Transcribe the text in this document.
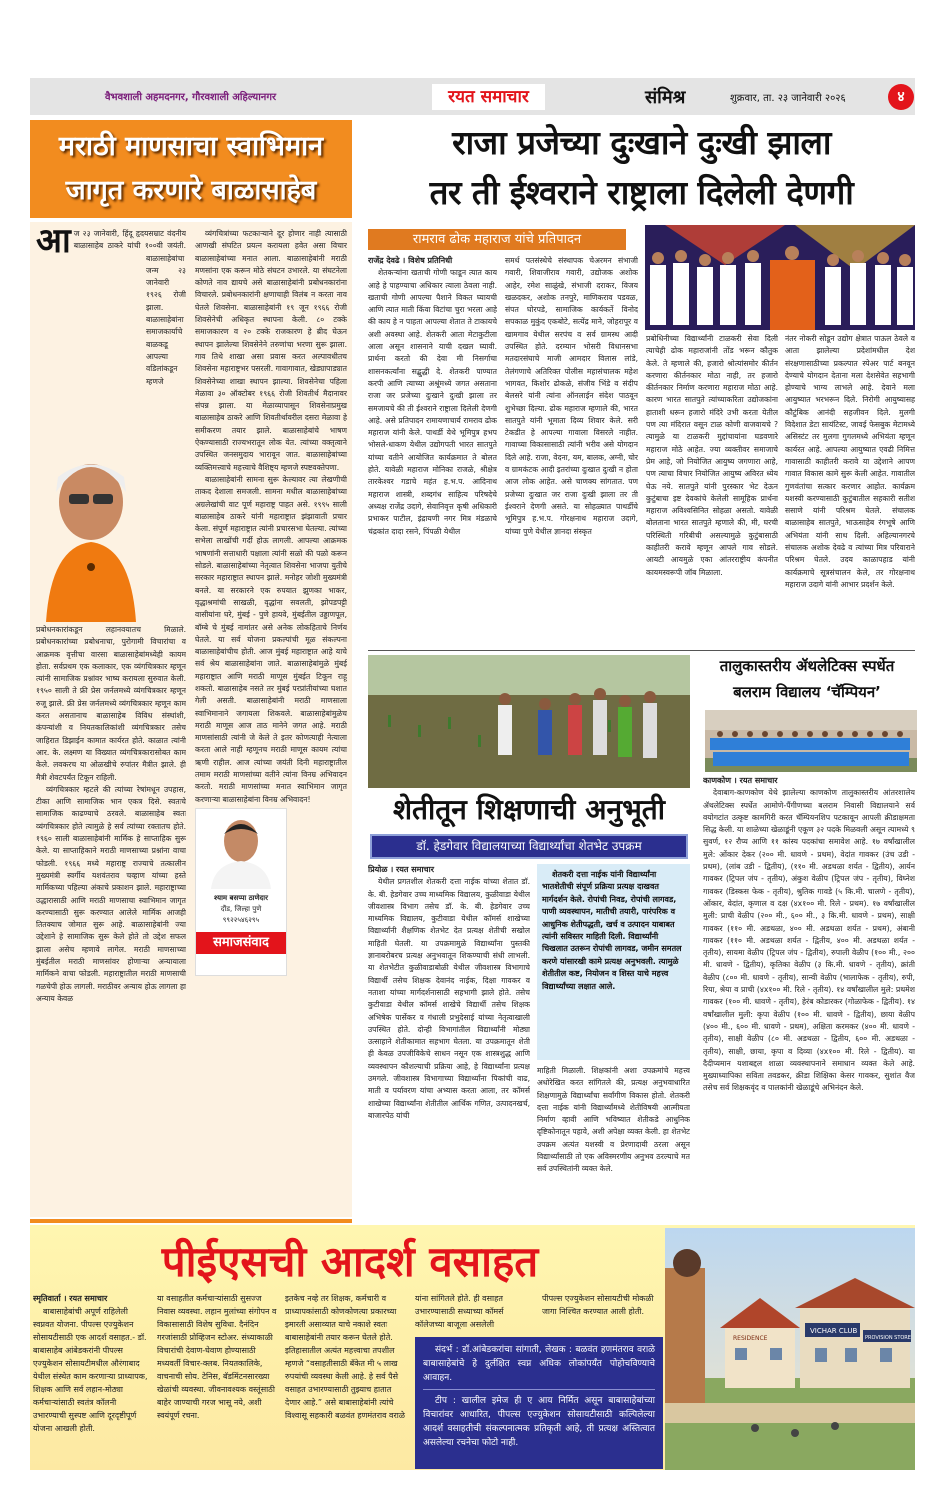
वैभवशाली अहमदनगर, गौरवशाली अहिल्यानगर	रयत समाचार	संमिश्र	शुक्रवार, ता. २३ जानेवारी २०२६	४
मराठी माणसाचा स्वाभिमान
जागृत करणारे बाळासाहेब
आ ज २३ जानेवारी, हिंदू हृदयसम्राट वंदनीय बाळासाहेब ठाकरे यांची १००वी जयंती. बाळासाहेबांचा जन्म २३ जानेवारी १९२६ रोजी झाला. बाळासाहेबांना समाजकार्याचे बाळकडू आपल्या वडिलांकडून म्हणजे प्रबोधनकारांकडून लहानवयातच मिळाले. प्रबोधनकारांच्या प्रबोधनाचा, पुरोगामी विचारांचा व आक्रमक वृत्तीचा वारसा बाळासाहेबांमध्येही कायम होता. सर्वप्रथम एक कलाकार, एक व्यंगचित्रकार म्हणून त्यांनी सामाजिक प्रश्नांवर भाष्य करायला सुरुवात केली. १९५० साली ते फ्री प्रेस जर्नलमध्ये व्यंगचित्रकार म्हणून रुजू झाले. फ्री प्रेस जर्नलमध्ये व्यंगचित्रकार म्हणून काम करत असतानाच बाळासाहेब विविध संस्थांशी, कंपन्यांशी व नियतकालिकांशी व्यंगचित्रकार तसेच जाहिरात डिझाईन कामात कार्यरत होते. काळात त्यांनी आर. के. लक्ष्मण या विख्यात व्यंगचित्रकारासोबत काम केले. लवकरच या ओळखीचे रुपांतर मैत्रीत झाले. ही मैत्री शेवटपर्यंत टिकून राहिली.

व्यंगचित्रकार म्हटले की त्यांच्या रेषांमधून उपहास, टीका आणि सामाजिक भान एकत्र दिसे. स्वतःचे सामाजिक काढण्याचे ठरवले. बाळासाहेब स्वतः व्यंगचित्रकार होते त्यामुळे हे सर्व त्यांच्या रक्तातच होते. १९६० साली बाळासाहेबांनी मार्मिक हे साप्ताहिक सुरू केले. या साप्ताहिकाने मराठी माणसाच्या प्रश्नांना वाचा फोडली. १९६६ मध्ये महाराष्ट्र राज्याचे तत्कालीन मुख्यमंत्री स्वर्गीय यशवंतराव चव्हाण यांच्या हस्ते मार्मिकच्या पहिल्या अंकाचे प्रकाशन झाले. महाराष्ट्राच्या उद्धारासाठी आणि मराठी माणसाचा स्वाभिमान जागृत करण्यासाठी सुरू करण्यात आलेले मार्मिक आजही तितक्याच जोमात सुरू आहे. बाळासाहेबांनी ज्या उद्देशाने हे सामाजिक सुरू केले होते तो उद्देश सफल झाला असेच म्हणावे लागेल. मराठी माणसाच्या मुंबईतील मराठी माणसांवर होणाऱ्या अन्यायाला मार्मिकने वाचा फोडली. महाराष्ट्रातील मराठी माणसाची गळचेपी होऊ लागली. मराठीवर अन्याय होऊ लागला हा अन्याय केवळ

श्याम बसप्पा ठाणेदार
दौंड, जिल्हा पुणे
९९२२५४६२९५
समाजसंवाद

व्यंगचित्रांच्या फटकाऱ्याने दूर होणार नाही त्यासाठी आणखी संघटित प्रयत्न करायला हवेत असा विचार बाळासाहेबांच्या मनात आला. बाळासाहेबांनी मराठी मणसांना एक करून मोठे संघटन उभारले. या संघटनेला कोणते नाव द्यायचे असे बाळासाहेबांनी प्रबोधनकारांना विचारले. प्रबोधनकारांनी क्षणाचाही विलंब न करता नाव घेतले शिवसेना. बाळासाहेबांनी १९ जून १९६६ रोजी शिवसेनेची अधिकृत स्थापना केली. ८० टक्के समाजकारण व २० टक्के राजकारण हे ब्रीद घेऊन स्थापन झालेल्या शिवसेनेने तरुणांचा भरणा सुरू झाला. गाव तिथे शाखा असा प्रवास करत अल्पावधीतच शिवसेना महाराष्ट्रभर पसरली. गावागावात, खेड्यापाड्यात शिवसेनेच्या शाखा स्थापन झाल्या. शिवसेनेचा पहिला मेळावा ३० ऑक्टोबर १९६६ रोजी शिवतीर्थ मैदानावर संपन्न झाला. या मेळाव्यापासून शिवसेनाप्रमुख बाळासाहेब ठाकरे आणि शिवतीर्थावरील दसरा मेळावा हे समीकरण तयार झाले. बाळासाहेबांचे भाषण ऐकण्यासाठी राज्यभरातून लोक येत. त्यांच्या वक्तृत्वाने उपस्थित जनसमुदाय भारावून जात. बाळासाहेबांच्या व्यक्तिमत्त्वाचे महत्त्वाचे वैशिष्ट्य म्हणजे स्पष्टवक्तेपणा.

बाळासाहेबांनी सामना सुरू केल्यावर त्या लेखणीची ताकद देशाला समजली. सामना मधील बाळासाहेबांच्या अग्रलेखांची वाट पूर्ण महाराष्ट्र पाहत असे. १९९५ साली बाळासाहेब ठाकरे यांनी महाराष्ट्रात झंझावाती प्रचार केला. संपूर्ण महाराष्ट्रात त्यांनी प्रचारसभा घेतल्या. त्यांच्या सभेला लाखोंची गर्दी होऊ लागली. आपल्या आक्रमक भाषणांनी सत्ताधारी पक्षाला त्यांनी सळो की पळो करून सोडले. बाळासाहेबांच्या नेतृत्वात शिवसेना भाजपा युतीचे सरकार महाराष्ट्रात स्थापन झाले. मनोहर जोशी मुख्यमंत्री बनले. या सरकारने एक रुपयात झुणका भाकर, वृद्धाश्रमांची साखळी, वृद्धांना सवलती, झोपडपट्टी वासीयांना घरे, मुंबई - पुणे हायवे, मुंबईतील उड्डाणपूल, बॉम्बे चे मुंबई नामांतर असे अनेक लोकहिताचे निर्णय घेतले. या सर्व योजना प्रकल्पांची मूळ संकल्पना बाळासाहेबांचीच होती. आज मुंबई महाराष्ट्रात आहे याचे सर्व श्रेय बाळासाहेबांना जाते. बाळासाहेबांमुळे मुंबई महाराष्ट्रात आणि मराठी माणूस मुंबईत टिकून राहू शकतो. बाळासाहेब नसते तर मुंबई परप्रांतीयांच्या घशात गेली असती. बाळासाहेबांनी मराठी माणसाला स्वाभिमानाने जगायला शिकवले. बाळासाहेबांमुळेच मराठी माणूस आज ताठ मानेने जगत आहे. मराठी माणसांसाठी त्यांनी जे केले ते इतर कोणत्याही नेत्याला करता आले नाही म्हणूनच मराठी माणूस कायम त्यांचा ऋणी राहील. आज त्यांच्या जयंती दिनी महाराष्ट्रातील तमाम मराठी माणसांच्या वतीने त्यांना विनम्र अभिवादन करतो. मराठी माणसांच्या मनात स्वाभिमान जागृत करणाऱ्या बाळासाहेबांना विनम्र अभिवादन!

राजा प्रजेच्या दुःखाने दुःखी झाला
तर ती ईश्वराने राष्ट्राला दिलेली देणगी
रामराव ढोक महाराज यांचे प्रतिपादन
राजेंद्र देवढे । विशेष प्रतिनिधी

शेतकऱ्यांना खताची गोणी फाडून त्यात काय आहे हे पाहण्याचा अधिकार त्याला ठेवला नाही. खताची गोणी आपल्या पैशाने विकत घ्यायची आणि त्यात माती किंवा विटांचा चुरा भरला आहे की काय हे न पाहता आपल्या शेतात ते टाकायचे अशी अवस्था आहे. शेतकरी आता मेटाकुटीला आला असून शासनाने याची दखल घ्यावी. प्रार्थना करतो की देवा मी निसर्गाचा शासनकर्त्यांना सद्बुद्धी दे. शेतकरी पाण्यात करपी आणि त्याच्या अश्रूंमध्ये जगत असताना राजा जर प्रजेच्या दुःखाने दुःखी झाला तर समजायचे की ती ईश्वराने राष्ट्राला दिलेली देणगी आहे. असे प्रतिपादन रामायणाचार्य रामराव ढोक महाराज यांनी केले. पाथर्डी येथे भूमिपुत्र हभप भोसले-धाकण येथील उद्योगपती भारत सातपुते यांच्या वतीने आयोजित कार्यक्रमात ते बोलत होते. यावेळी महाराज मोनिका राजळे, श्रीक्षेत्र तारकेश्वर गडाचे महंत ह.भ.प. आदिनाथ महाराज शास्त्री, शब्दगंध साहित्य परिषदेचे अध्यक्ष राजेंद्र उदागे, सेवानिवृत्त कृषी अधिकारी प्रभाकर पाटील, इंद्रायणी नगर मित्र मंडळाचे चंद्रकांत दादा रसने, पिंपळी येथील

समर्थ पतसंस्थेचे संस्थापक चेअरमन संभाजी गवारी, शिवाजीराव गवारी, उद्योजक अशोक आहेर, रमेश साळुंखे, संभाजी दराकर, विजय खळदकर, अशोक तनपुरे, माणिकराव पडवळ, संपत घोरपडे, सामाजिक कार्यकर्ते विनोद सपकाळ मुकुंद एकबोटे, सत्येंद्र माने, जोहरापूर व खामगाव येथील सरपंच व सर्व ग्रामस्थ आदी उपस्थित होते. दरम्यान भोसरी विधानसभा मतदारसंघाचे माजी आमदार विलास लांडे, तेलंगणाचे अतिरिक्त पोलीस महासंचालक महेश भागवत, किशोर ढोकळे, संजीव भिंडे व संदीप बेलसरे यांनी त्यांना ऑनलाईन संदेश पाठवून शुभेच्छा दिल्या. ढोक महाराज म्हणाले की, भारत सातपुते यांनी भूमाता दिव्य शिवार केले. सरी टेकडीत हे आपल्या गावाला विसरले नाहीत. गावाच्या विकासासाठी त्यांनी भरीव असे योगदान दिले आहे. राजा, वेदना, यम, बालक, अग्नी, चोर व ग्रामकंटक आदी इतरांच्या दुःखात दुःखी न होता आज लोक आहेत. असे चाणक्य सांगतात. पण प्रजेच्या दुःखात जर राजा दुःखी झाला तर ती ईश्वराने देणगी असते. या सोहळ्यात पाथर्डीचे भूमिपुत्र ह.भ.प. गोरक्षनाथ महाराज उदागे, यांच्या पुणे येथील ज्ञानदा संस्कृत

प्रबोधिनीच्या विद्यार्थ्यांनी टाळकरी सेवा दिली त्याचेही ढोक महाराजांनी तोंड भरून कौतुक केले. ते म्हणाले की, हजारो श्रोत्यांसमोर कीर्तन करणारा कीर्तनकार मोठा नाही, तर हजारो कीर्तनकार निर्माण करणारा महाराज मोठा आहे. कारण भारत सातपुते त्यांच्याकरिता उद्योजकांना हाताशी धरून हजारो मंदिरे उभी करता येतील पण त्या मंदिरात वसून टाळ कोणी वाजवायचे ? त्यामुळे या टाळकरी मुद्दांचायांना घडवणारे महाराज मोठे आहेत. ज्या व्यक्तीवर समाजाचे प्रेम आहे, जो नियोजित आयुष्य जगणारा आहे, पण त्याचा विचार नियोजित आयुष्य अविरत ध्येय घेऊ नये. सातपुते यांनी पुरस्कार भेट देऊन कुटुंबाचा इष्ट देवकांचे केलेली सामूहिक प्रार्थना महाराज अविश्वसिनित सोहळा असतो. यावेळी बोलताना भारत सातपुते म्हणाले की, मी, घरची परिस्थिती गरिबीची असल्यामुळे कुटुंबासाठी काहीतरी करावे म्हणून आपले गाव सोडले. आयटी आयमुळे एका आंतरराष्ट्रीय कंपनीत कायमस्वरूपी जॉब मिळाला.

नंतर नोकरी सोडून उद्योग क्षेत्रात पाऊल ठेवले व आता झालेल्या प्रदेशांमधील देश संरक्षणासाठीच्या प्रकल्पात स्पेअर पार्ट बनवून देण्याचे योगदान देताना मला देशसेवेत सहभागी होण्याचे भाग्य लाभले आहे. देवाने मला आयुष्यात भरभरून दिले. निरोगी आयुष्यासह कौटुंबिक आनंदी सहजीवन दिले. मुलगी विदेशात डेटा सायंटिस्ट, जावई फेसबुक मेटामध्ये असिस्टंट तर मुलगा गुगलमध्ये अभियंता म्हणून कार्यरत आहे. आपल्या आयुष्यात एवढी निमित्त गावासाठी काहीतरी करावे या उद्देशाने आपण गावात विकास कामे सुरू केली आहेत. गावातील गुणवंतांचा सत्कार करणार आहोत. कार्यक्रम यशस्वी करण्यासाठी कुटुंबातील सहकारी सतीश ससाणे यांनी परिश्रम घेतले. संचालक बाळासाहेब सातपुते, भाऊसाहेब रंगभूषे आणि अभियंता यांनी साथ दिली. अहिल्यानगरचे संचालक अशोक देवढे व त्यांच्या मित्र परिवाराने परिश्रम घेतले. उदय काळापहाड यांनी कार्यक्रमाचे सूत्रसंचालन केले, तर गोरक्षनाथ महाराज उदागे यांनी आभार प्रदर्शन केले.

शेतीतून शिक्षणाची अनुभूती
डॉ. हेडगेवार विद्यालयाच्या विद्यार्थ्यांचा शेतभेट उपक्रम
प्रियोळ । रयत समाचार

येथील प्रगतशील शेतकरी दत्ता नाईक यांच्या शेतात डॉ. के. बी. हेडगेवार उच्च माध्यमिक विद्यालय, कुळीवाडा येथील जीवशास्त्र विभाग तसेच डॉ. के. बी. हेडगेवार उच्च माध्यमिक विद्यालय, कुटीवाडा येथील कॉमर्स शाखेच्या विद्यार्थ्यांनी शैक्षणिक शेतभेट देत प्रत्यक्ष शेतीची सखोल माहिती घेतली. या उपक्रमामुळे विद्यार्थ्यांना पुस्तकी ज्ञानाबरोबरच प्रत्यक्ष अनुभवातून शिकण्याची संधी लाभली. या शेतभेटीत कुळीवाडाबोळी येथील जीवशास्त्र विभागाचे विद्यार्थी तसेच शिक्षक देवानंद नाईक, दिक्षा गावकर व नताशा यांच्या मार्गदर्शनासाठी सहभागी झाले होते. तसेच कुटीवाडा येथील कॉमर्स शाखेचे विद्यार्थी तसेच शिक्षक अभिषेक पार्सेकर व गंधाली प्रभुदेसाई यांच्या नेतृत्वाखाली उपस्थित होते. दोन्ही विभागांतील विद्यार्थ्यांनी मोठ्या उत्साहाने शेतीकामात सहभाग घेतला. या उपक्रमातून शेती ही केवळ उपजीविकेचे साधन नसून एक शास्त्रशुद्ध आणि व्यवस्थापन कौशल्याची प्रक्रिया आहे, हे विद्यार्थ्यांना प्रत्यक्ष उमगले. जीवशास्त्र विभागाच्या विद्यार्थ्यांना पिकांची वाढ, माती व पर्यावरण यांचा अभ्यास करता आला, तर कॉमर्स शाखेच्या विद्यार्थ्यांना शेतीतील आर्थिक गणित, उत्पादनखर्च, बाजारपेठ यांची

शेतकरी दत्ता नाईक यांनी विद्यार्थ्यांना भातशेतीची संपूर्ण प्रक्रिया प्रत्यक्ष दाखवत मार्गदर्शन केले. रोपांची निवड, रोपांची लागवड, पाणी व्यवस्थापन, मातीची तयारी, पारंपरिक व आधुनिक शेतीपद्धती, खर्च व उत्पादन याबाबत त्यांनी सविस्तर माहिती दिली. विद्यार्थ्यांनी चिखलात उतरून रोपांची लागवड, जमीन समतल करणे यांसारखी कामे प्रत्यक्ष अनुभवली. त्यामुळे शेतीतील कष्ट, नियोजन व शिस्त याचे महत्त्व विद्यार्थ्यांच्या लक्षात आले.

माहिती मिळाली. शिक्षकांनी अशा उपक्रमांचे महत्त्व अधोरेखित करत सांगितले की, प्रत्यक्ष अनुभवाधारित शिक्षणामुळे विद्यार्थ्यांचा सर्वांगीण विकास होतो. शेतकरी दत्ता नाईक यांनी विद्यार्थ्यांमध्ये शेतीविषयी आत्मीयता निर्माण व्हावी आणि भविष्यात शेतीकडे आधुनिक दृष्टिकोनातून पहावे, अशी अपेक्षा व्यक्त केली. हा शेतभेट उपक्रम अत्यंत यशस्वी व प्रेरणादायी ठरला असून विद्यार्थ्यांसाठी तो एक अविस्मरणीय अनुभव ठरल्याचे मत सर्व उपस्थितांनी व्यक्त केले.

तालुकास्तरीय ॲथलेटिक्स स्पर्धेत
बलराम विद्यालय ‘चॅम्पियन’
काणकोण । रयत समाचार

देवाबाग-काणकोण येथे झालेल्या काणकोण तालुकास्तरीय आंतरशालेय ॲथलेटिक्स स्पर्धेत आमोणे-पैंगीणच्या बलराम निवासी विद्यालयाने सर्व वयोगटांत उत्कृष्ट कामगिरी करत चॅम्पियनशिप पटकावून आपली क्रीडाक्षमता सिद्ध केली. या शाळेच्या खेळाडूंनी एकूण ३२ पदके मिळवली असून त्यामध्ये ९ सुवर्ण, १२ रौप्य आणि ११ कांस्य पदकांचा समावेश आहे. १७ वर्षांखालील मुले: ओंकार देकर (२०० मी. धावणे - प्रथम), वेदांत गावकर (उंच उडी - प्रथम), (लांब उडी - द्वितीय), (११० मी. अडथळा शर्यत - द्वितीय), आर्यन गावकर (ट्रिपल जंप - तृतीय), अंकुश वेळीप (ट्रिपल जंप - तृतीय), विघ्नेश गावकर (डिस्कस फेक - तृतीय), श्रुतिक गावडे (५ कि.मी. चालणे - तृतीय), ओंकार, वेदांत, कृणाल व दक्ष (४x१०० मी. रिले - प्रथम). १७ वर्षांखालील मुली: प्राची वेळीप (२०० मी., ६०० मी., ३ कि.मी. धावणे - प्रथम), साक्षी गावकर (११० मी. अडथळा, ४०० मी. अडथळा शर्यत - प्रथम), अंबानी गावकर (११० मी. अडथळा शर्यत - द्वितीय, ४०० मी. अडथळा शर्यत - तृतीय), सायमा वेळीप (ट्रिपल जंप - द्वितीय), रुपाली वेळीप (१०० मी., २०० मी. धावणे - द्वितीय), कृतिका वेळीप (३ कि.मी. धावणे - तृतीय), क्रांती वेळीप (८०० मी. धावणे - तृतीय), सान्वी वेळीप (भालाफेक - तृतीय), रुपी, रिया, श्रेया व प्राची (४x१०० मी. रिले - तृतीय). १४ वर्षांखालील मुले: प्रथमेश गावकर (१०० मी. धावणे - तृतीय), हेरंब कोडारकर (गोळाफेक - द्वितीय). १४ वर्षांखालील मुली: कृपा वेळीप (१०० मी. धावणे - द्वितीय), छाया वेळीप (४०० मी., ६०० मी. धावणे - प्रथम), अक्षिता करमकर (४०० मी. धावणे - तृतीय), साक्षी वेळीप (८० मी. अडथळा - द्वितीय, ६०० मी. अडथळा - तृतीय), साक्षी, छाया, कृपा व दिव्या (४x१०० मी. रिले - द्वितीय). या दैदीप्यमान यशाबद्दल शाळा व्यवस्थापनाने समाधान व्यक्त केले आहे. मुख्याध्यापिका सविता तवडकर, क्रीडा शिक्षिका केसर गावकर, सुशांत वैज तसेच सर्व शिक्षकवृंद व पालकांनी खेळाडूंचे अभिनंदन केले.

पीईएसची आदर्श वसाहत
स्मृतिवार्ता । रयत समाचार

बाबासाहेबांची अपूर्ण राहिलेली स्वप्नवत योजना. पीपल्स एज्युकेशन सोसायटीसाठी एक आदर्श वसाहत.- डॉ. बाबासाहेब आंबेडकरांनी पीपल्स एज्युकेशन सोसायटीमधील औरंगाबाद येथील संस्थेत काम करणाऱ्या प्राध्यापक, शिक्षक आणि सर्व लहान-मोठ्या कर्मचाऱ्यांसाठी स्वतंत्र कॉलनी उभारण्याची सुस्पष्ट आणि दूरदृष्टीपूर्ण योजना आखली होती.

या वसाहतीत कर्मचाऱ्यांसाठी सुसज्ज निवास व्यवस्था. लहान मुलांच्या संगोपन व विकासासाठी विशेष सुविधा. दैनंदिन गरजांसाठी प्रोव्हिजन स्टोअर. संध्याकाळी विचारांची देवाण-घेवाण होण्यासाठी मध्यवर्ती विचार-क्लब. नियतकालिके, वाचनाची सोय. टेनिस, बॅडमिंटनसारख्या खेळांची व्यवस्था. जीवनावश्यक वस्तूंसाठी बाहेर जाण्याची गरज भासू नये, अशी स्वयंपूर्ण रचना.

इतकेच नव्हे तर शिक्षक, कर्मचारी व प्राध्यापकांसाठी कोणकोणत्या प्रकारच्या इमारती असाव्यात याचे नकाशे स्वतः बाबासाहेबांनी तयार करून घेतले होते. इतिहासातील अत्यंत महत्त्वाचा तपशील म्हणजे “वसाहतीसाठी बँकेत मी ५ लाख रुपयांची व्यवस्था केली आहे. हे सर्व पैसे वसाहत उभारण्यासाठी तुझ्याच हातात देणार आहे.” असे बाबासाहेबांनी त्यांचे विश्वासू सहकारी बळवंत हणमंतराव वराळे

यांना सांगितले होते. ही वसाहत उभारण्यासाठी सध्याच्या कॉमर्स कॉलेजच्या बाजूला असलेली

पीपल्स एज्युकेशन सोसायटीची मोकळी जागा निश्चित करण्यात आली होती.

संदर्भ : डॉ.आंबेडकरांचा सांगाती, लेखक : बळवंत हणमंतराव वराळे बाबासाहेबांचे हे दुर्लक्षित स्वप्न अधिक लोकांपर्यंत पोहोचविण्याचे आवाहन.

टीप : खालील इमेज ही ए आय निर्मित असून बाबासाहेबांच्या विचारांवर आधारित, पीपल्स एज्युकेशन सोसायटीसाठी कल्पिलेल्या आदर्श वसाहतीची संकल्पनात्मक प्रतिकृती आहे, ती प्रत्यक्ष अस्तित्वात असलेल्या रचनेचा फोटो नाही.

VICHAR CLUB
PROVISION STORE
RESIDENCE
